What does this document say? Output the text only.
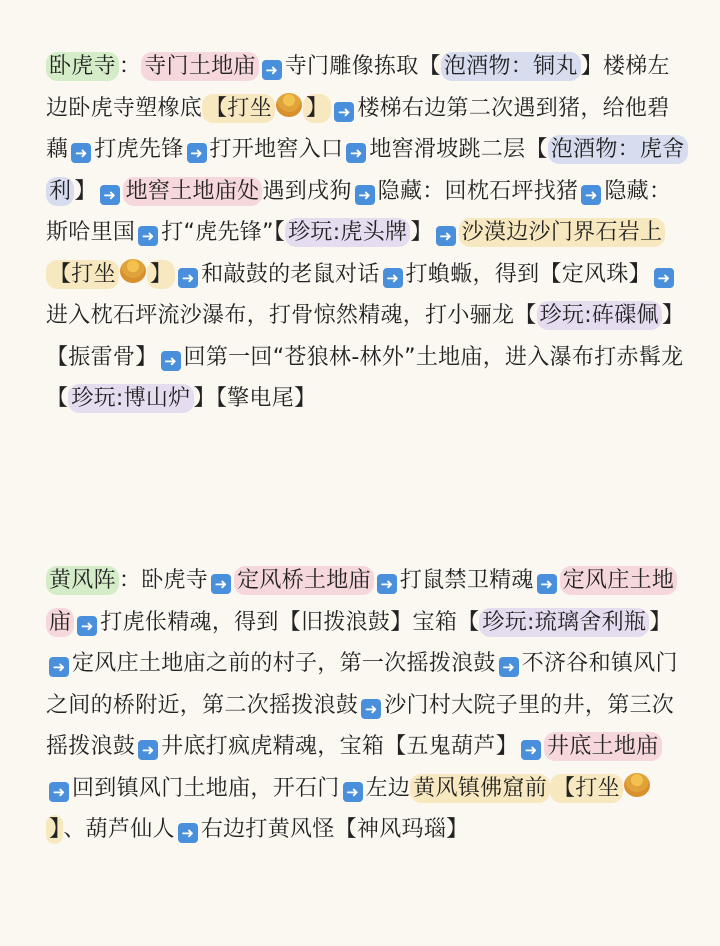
卧虎寺 ： 寺门土地庙 ➜ 寺门雕像拣取【 泡酒物：铜丸 】楼梯左边卧虎寺塑橡底 【打坐 】 ➜ 楼梯右边第二次遇到猪，给他碧藕 ➜ 打虎先锋 ➜ 打开地窖入口 ➜ 地窖滑坡跳二层【 泡酒物：虎舍利 】 ➜ 地窖土地庙处 遇到戌狗 ➜ 隐藏：回枕石坪找猪 ➜ 隐藏：斯哈里国 ➜ 打“虎先锋”【 珍玩:虎头牌 】 ➜ 沙漠边沙门界石岩上【打坐 】 ➜ 和敲鼓的老鼠对话 ➜ 打蝜蝂，得到【定风珠】 ➜进入枕石坪流沙瀑布，打骨惊然精魂，打小骊龙【 珍玩:砗磲佩 】【振雷骨】 ➜ 回第一回“苍狼林-林外”土地庙，进入瀑布打赤髯龙【 珍玩:博山炉 】【擎电尾】
黄风阵 ：卧虎寺 ➜ 定风桥土地庙 ➜ 打鼠禁卫精魂 ➜ 定风庄土地庙 ➜ 打虎伥精魂，得到【旧拨浪鼓】宝箱【 珍玩:琉璃舍利瓶 】➜ 定风庄土地庙之前的村子，第一次摇拨浪鼓 ➜ 不济谷和镇风门之间的桥附近，第二次摇拨浪鼓 ➜ 沙门村大院子里的井，第三次摇拨浪鼓 ➜ 井底打疯虎精魂，宝箱【五鬼葫芦】 ➜ 井底土地庙➜ 回到镇风门土地庙，开石门 ➜ 左边 黄风镇佛窟前 【打坐】 、葫芦仙人 ➜ 右边打黄风怪【神风玛瑙】
